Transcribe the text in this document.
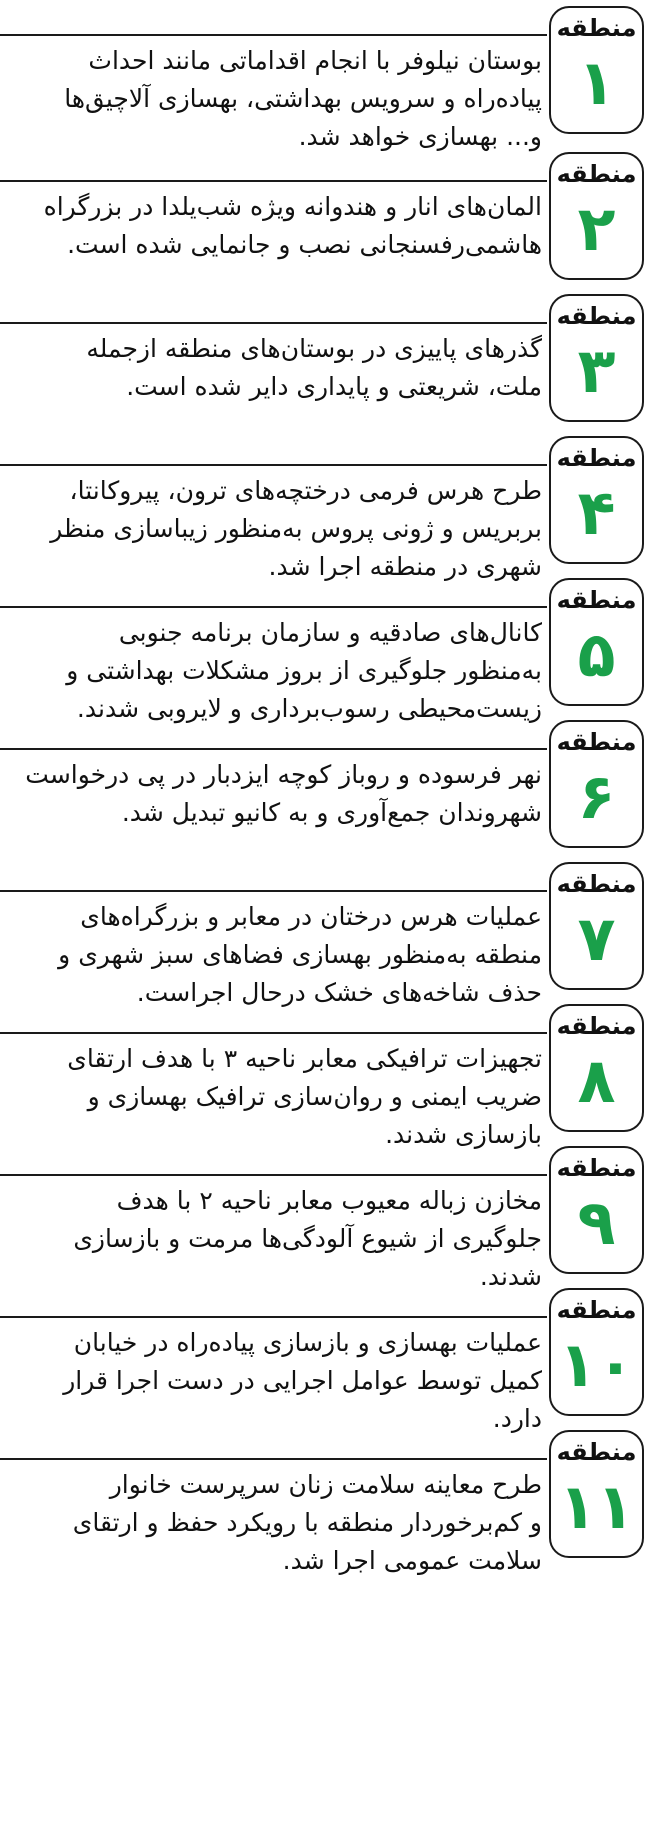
بوستان نیلوفر با انجام اقداماتی مانند احداث
پیاده‌راه و سرویس بهداشتی، بهسازی آلاچیق‌ها
و... بهسازی خواهد شد.
منطقه
۱
المان‌های انار و هندوانه ویژه شب‌یلدا در بزرگراه
هاشمی‌رفسنجانی نصب و جانمایی شده است.
منطقه
۲
گذرهای پاییزی در بوستان‌های منطقه ازجمله
ملت، شریعتی و پایداری دایر شده است.
منطقه
۳
طرح هرس فرمی درختچه‌های ترون، پیروکانتا،
بربریس و ژونی پروس به‌منظور زیباسازی منظر
شهری در منطقه اجرا شد.
منطقه
۴
کانال‌های صادقیه و سازمان برنامه جنوبی
به‌منظور جلوگیری از بروز مشکلات بهداشتی و
زیست‌محیطی رسوب‌برداری و لایروبی شدند.
منطقه
۵
نهر فرسوده و روباز کوچه ایزدبار در پی درخواست
شهروندان جمع‌آوری و به کانیو تبدیل شد.
منطقه
۶
عملیات هرس درختان در معابر و بزرگراه‌های
منطقه به‌منظور بهسازی فضاهای سبز شهری و
حذف شاخه‌های خشک درحال اجراست.
منطقه
۷
تجهیزات ترافیکی معابر ناحیه ۳ با هدف ارتقای
ضریب ایمنی و روان‌سازی ترافیک بهسازی و
بازسازی شدند.
منطقه
۸
مخازن زباله معیوب معابر ناحیه ۲ با هدف
جلوگیری از شیوع آلودگی‌ها مرمت و بازسازی
شدند.
منطقه
۹
عملیات بهسازی و بازسازی پیاده‌راه در خیابان
کمیل توسط عوامل اجرایی در دست اجرا قرار
دارد.
منطقه
۱۰
طرح معاینه سلامت زنان سرپرست خانوار
و کم‌برخوردار منطقه با رویکرد حفظ و ارتقای
سلامت عمومی اجرا شد.
منطقه
۱۱
